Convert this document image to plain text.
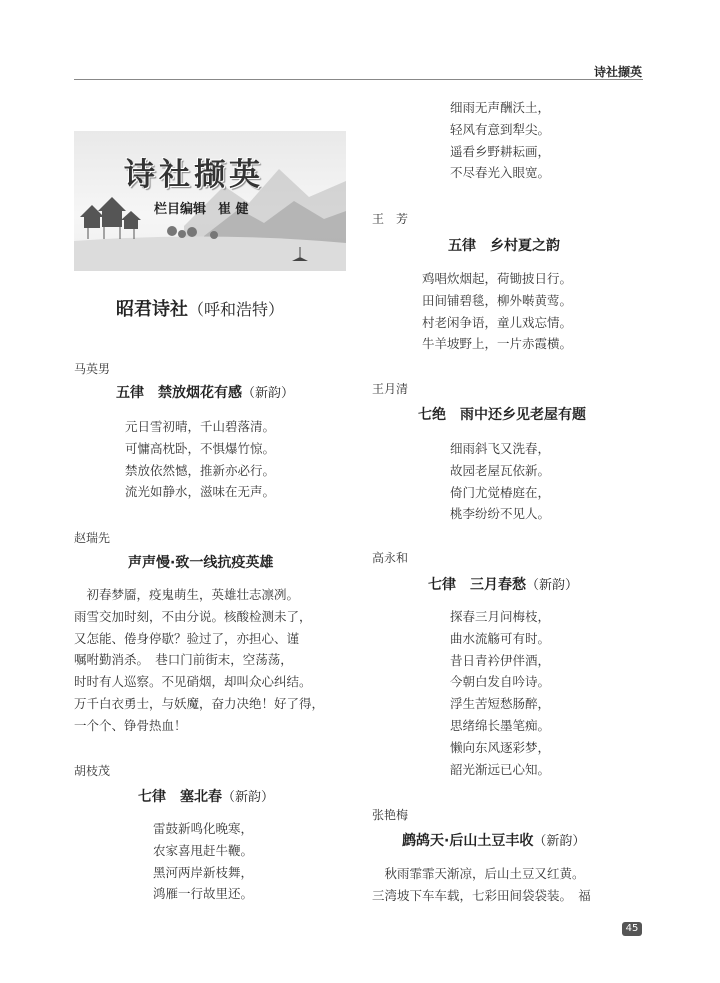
诗社撷英
诗社撷英
栏目编辑 崔 健
昭君诗社（呼和浩特）
马英男
五律　禁放烟花有感（新韵）
元日雪初晴，千山碧落清。
可慵高枕卧，不惧爆竹惊。
禁放依然憾，推新亦必行。
流光如静水，滋味在无声。
赵瑞先
声声慢·致一线抗疫英雄
　初春梦靥，疫鬼萌生，英雄壮志凛冽。
雨雪交加时刻，不由分说。核酸检测未了，
又怎能、倦身停歇？验过了，亦担心、谨
嘱咐勤消杀。　巷口门前街末，空荡荡，
时时有人巡察。不见硝烟，却叫众心纠结。
万千白衣勇士，与妖魔，奋力决绝！好了得，
一个个、铮骨热血！
胡枝茂
七律　塞北春（新韵）
雷鼓新鸣化晚寒，
农家喜甩赶牛鞭。
黑河两岸新枝舞，
鸿雁一行故里还。
细雨无声酬沃土，
轻风有意到犁尖。
遥看乡野耕耘画，
不尽春光入眼宽。
王　芳
五律　乡村夏之韵
鸡唱炊烟起，荷锄披日行。
田间铺碧毯，柳外啭黄莺。
村老闲争语，童儿戏忘情。
牛羊坡野上，一片赤霞横。
王月清
七绝　雨中还乡见老屋有题
细雨斜飞又洗春，
故园老屋瓦依新。
倚门尤觉椿庭在，
桃李纷纷不见人。
高永和
七律　三月春愁（新韵）
探春三月问梅枝，
曲水流觞可有时。
昔日青衿伊伴酒，
今朝白发自吟诗。
浮生苦短愁肠醉，
思绪绵长墨笔痴。
懒向东风逐彩梦，
韶光渐远已心知。
张艳梅
鹧鸪天·后山土豆丰收（新韵）
　秋雨霏霏天渐凉，后山土豆又红黄。
三湾坡下车车载，七彩田间袋袋装。　福
45
